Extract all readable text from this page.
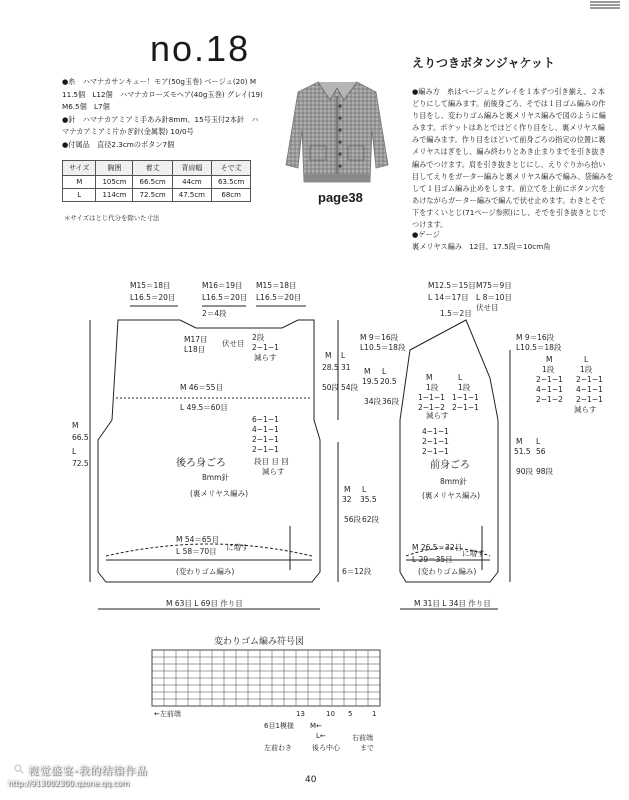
no.18	えりつきボタンジャケット
●糸　ハマナカサンキュー！モア(50g玉巻) ベージュ(20) M
11.5個　L12個　ハマナカローズモヘア(40g玉巻) グレイ(19)
M6.5個　L7個
●針　ハマナカアミアミ手あみ針8mm、15号玉付2本針　ハ
マナカアミアミ片かぎ針(金属製) 10/0号
●付属品　直径2.3cmのボタン7個
サイズ	胸囲	着丈	背肩幅	そで丈
M	105cm	66.5cm	44cm	63.5cm
L	114cm	72.5cm	47.5cm	68cm
＊サイズはとじ代分を除いた寸法
page38

●編み方　糸はベージュとグレイを１本ずつ引き揃え、２本

どりにして編みます。前後身ごろ、そでは１目ゴム編みの作

り目をし、変わりゴム編みと裏メリヤス編みで図のように編

みます。ポケットはあとでほどく作り目をし、裏メリヤス編

みで編みます。作り目をほどいて前身ごろの指定の位置に裏

メリヤスはぎをし、編み終わりとあき止まりまでを引き抜き

編みでつけます。肩を引き抜きとじにし、えりぐりから拾い

目してえりをガーター編みと裏メリヤス編みで編み、袋編みを

して１目ゴム編み止めをします。前立てを上前にボタン穴を

あけながらガーター編みで編んで伏せ止めます。わきとそで

下をすくいとじ(71ページ参照)にし、そでを引き抜きとじで

つけます。

●ゲージ
裏メリヤス編み　12目、17.5段＝10cm角
M15＝18目	M16＝19目 M15＝18目
L16.5＝20目	L16.5＝20目 L16.5＝20目
2＝4段
M17目
L18目
伏せ目
2段
2−1−1
減らす
M 46＝55目
L 49.5＝60目
M
66.5
L
72.5
M
28.5
L
31
50段 54段
6−1−1
4−1−1
2−1−1
2−1−1
段目 目 回
減らす
後ろ身ごろ
8mm針
(裏メリヤス編み)
M 54＝65目
L 58＝70目 に増す
(変わりゴム編み)	6＝12段
M 63目 L 69目 作り目
M12.5＝15目 M75＝9目
L 14＝17目 L 8＝10目
伏せ目
1.5＝2目
M 9＝16段
L10.5＝18段
M 9＝16段
L10.5＝18段
M
19.5
L
20.5
34段 36段
M
1段
1−1−1
2−1−2
L
1段
1−1−1
2−1−1
減らす
4−1−1
2−1−1
2−1−1
M
32
L
35.5
56段 62段
前身ごろ
8mm針
(裏メリヤス編み)
M 26.5＝32目
L 29＝35目
に増す
(変わりゴム編み)
M 31目 L 34目 作り目
M
51.5
L
56
90段 98段
M
1段
2−1−1
4−1−1
2−1−2
L
1段
2−1−1
4−1−1
2−1−1
減らす
変わりゴム編み符号図
←左前端	13	10 5	1
6目1模様 M←
L←
後ろ中心
右前端
左前わき	まで
视觉盛宴-我的结编作品
http://913002300.qzone.qq.com	40
